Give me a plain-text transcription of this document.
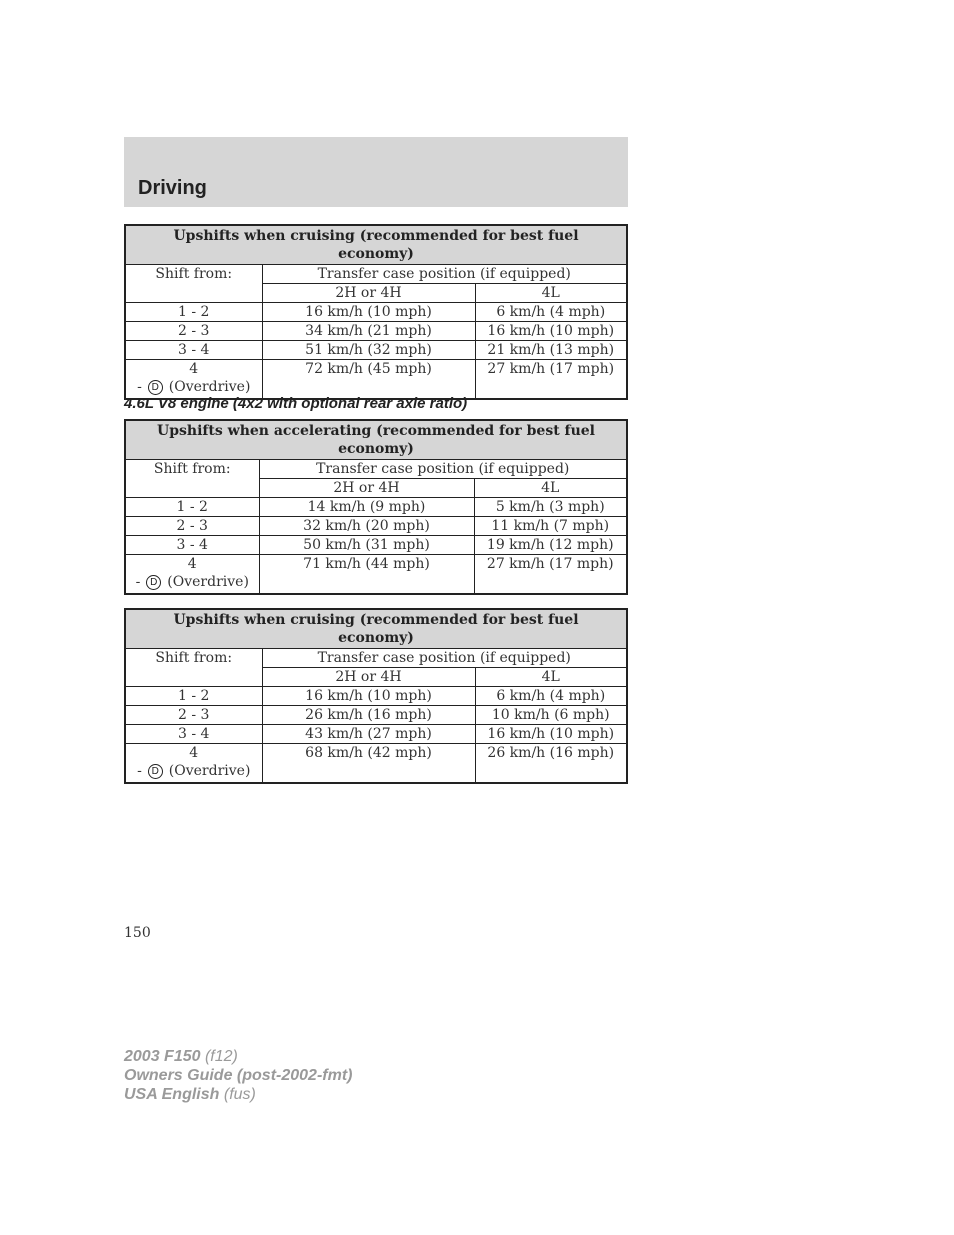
Driving
Upshifts when cruising (recommended for best fuel economy)		
Shift from:	Transfer case position (if equipped)	
	2H or 4H	4L
1 - 2	16 km/h (10 mph)	6 km/h (4 mph)
2 - 3	34 km/h (21 mph)	16 km/h (10 mph)
3 - 4	51 km/h (32 mph)	21 km/h (13 mph)

4
- D (Overdrive)	72 km/h (45 mph)	27 km/h (17 mph)
4.6L V8 engine (4x2 with optional rear axle ratio)
Upshifts when accelerating (recommended for best fuel economy)		
Shift from:	Transfer case position (if equipped)	
	2H or 4H	4L
1 - 2	14 km/h (9 mph)	5 km/h (3 mph)
2 - 3	32 km/h (20 mph)	11 km/h (7 mph)
3 - 4	50 km/h (31 mph)	19 km/h (12 mph)

4
- D (Overdrive)	71 km/h (44 mph)	27 km/h (17 mph)
Upshifts when cruising (recommended for best fuel economy)		
Shift from:	Transfer case position (if equipped)	
	2H or 4H	4L
1 - 2	16 km/h (10 mph)	6 km/h (4 mph)
2 - 3	26 km/h (16 mph)	10 km/h (6 mph)
3 - 4	43 km/h (27 mph)	16 km/h (10 mph)

4
- D (Overdrive)	68 km/h (42 mph)	26 km/h (16 mph)
150
2003 F150 (f12)
Owners Guide (post-2002-fmt)
USA English (fus)
